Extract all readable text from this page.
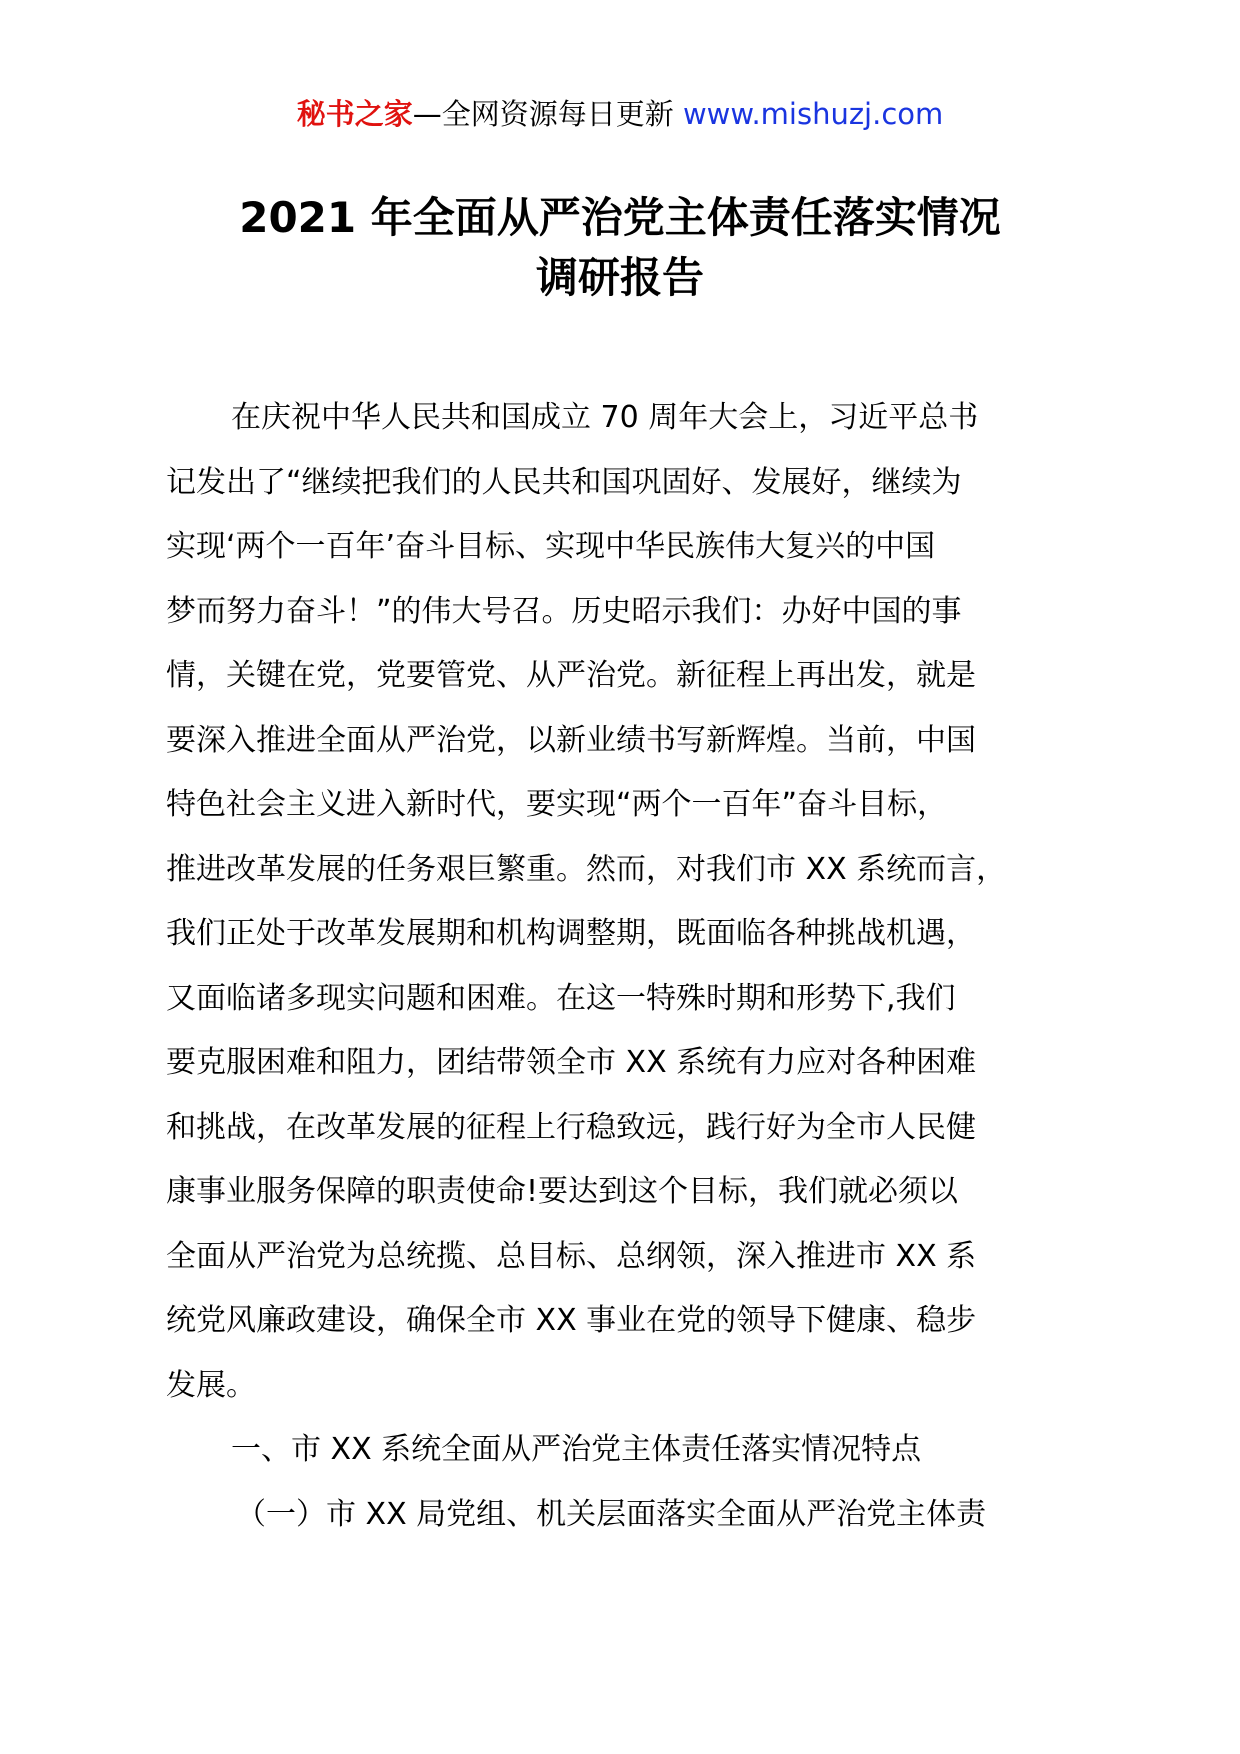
秘书之家—全网资源每日更新 www.mishuzj.com
2021 年全面从严治党主体责任落实情况
调研报告
在庆祝中华人民共和国成立 70 周年大会上，习近平总书
记发出了“继续把我们的人民共和国巩固好、发展好，继续为
实现‘两个一百年’奋斗目标、实现中华民族伟大复兴的中国
梦而努力奋斗！”的伟大号召。历史昭示我们：办好中国的事
情，关键在党，党要管党、从严治党。新征程上再出发，就是
要深入推进全面从严治党，以新业绩书写新辉煌。当前，中国
特色社会主义进入新时代，要实现“两个一百年”奋斗目标，
推进改革发展的任务艰巨繁重。然而，对我们市 XX 系统而言，
我们正处于改革发展期和机构调整期，既面临各种挑战机遇，
又面临诸多现实问题和困难。在这一特殊时期和形势下,我们
要克服困难和阻力，团结带领全市 XX 系统有力应对各种困难
和挑战，在改革发展的征程上行稳致远，践行好为全市人民健
康事业服务保障的职责使命!要达到这个目标，我们就必须以
全面从严治党为总统揽、总目标、总纲领，深入推进市 XX 系
统党风廉政建设，确保全市 XX 事业在党的领导下健康、稳步
发展。
一、市 XX 系统全面从严治党主体责任落实情况特点
（一）市 XX 局党组、机关层面落实全面从严治党主体责
